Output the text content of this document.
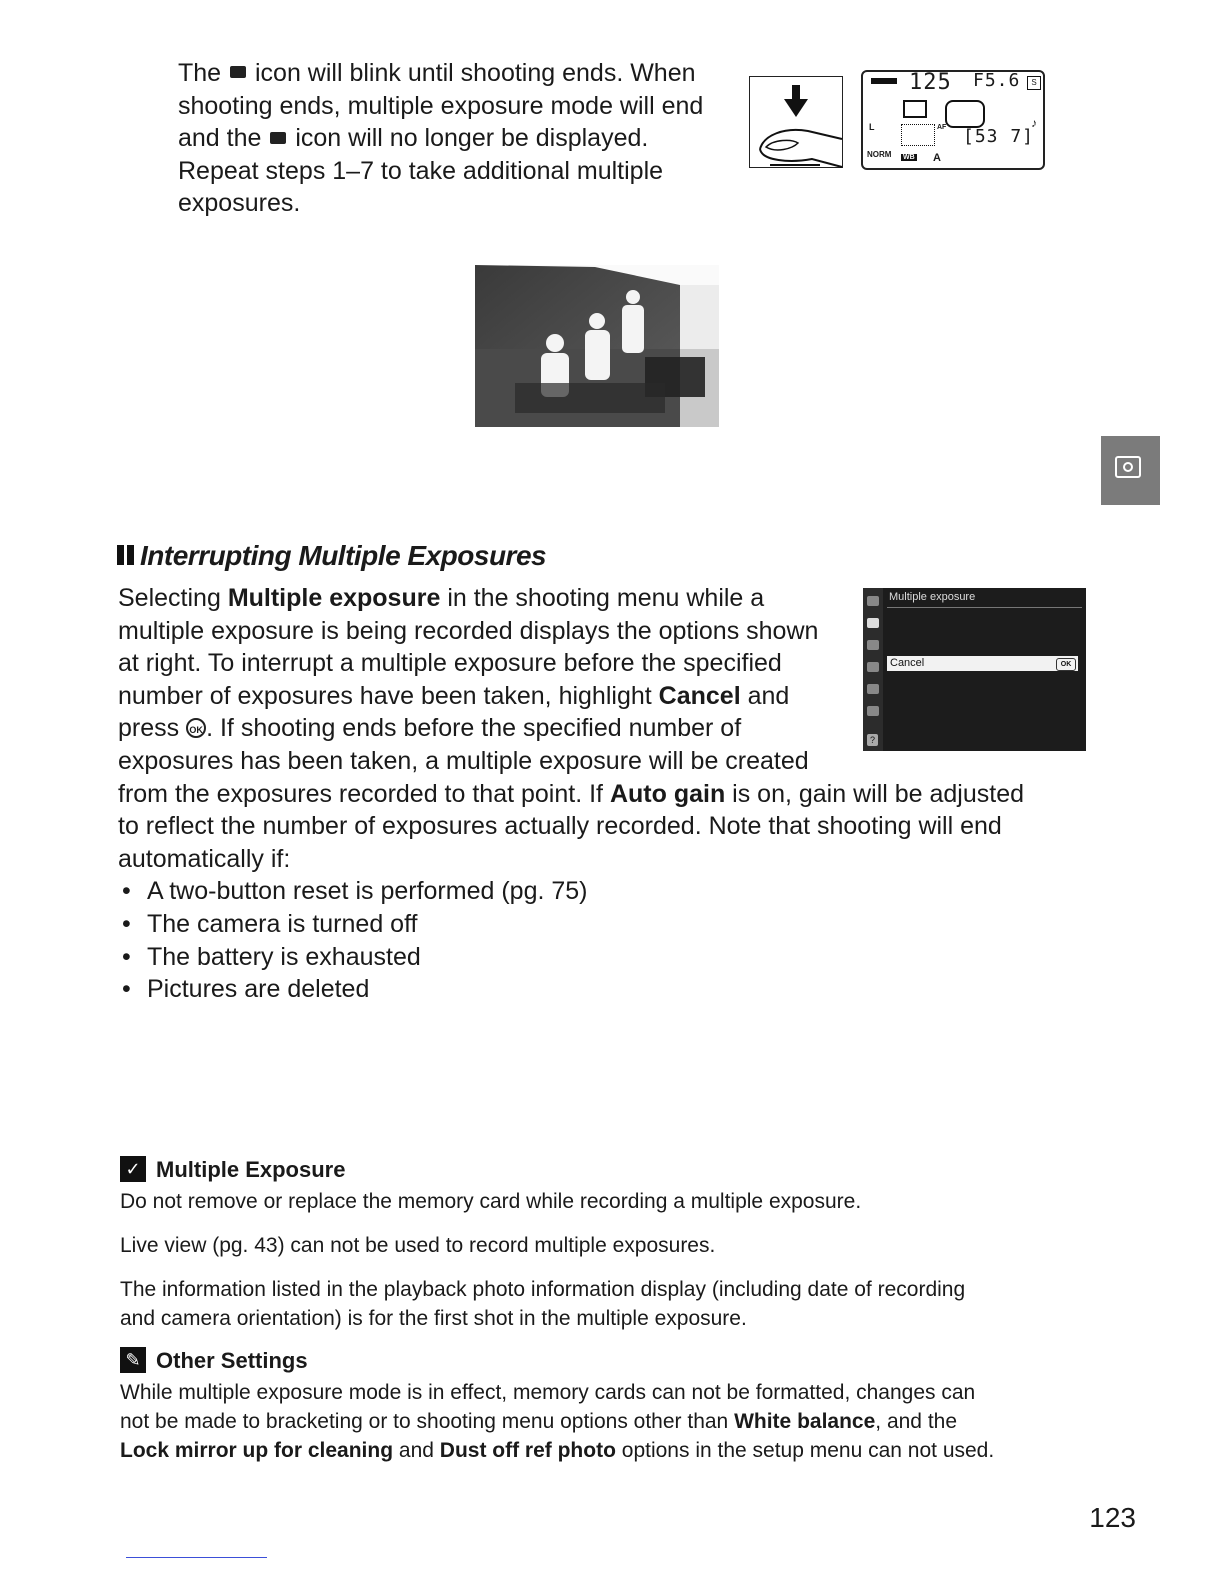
The icon will blink until shooting ends. When
shooting ends, multiple exposure mode will end
and the icon will no longer be displayed.
Repeat steps 1–7 to take additional multiple
exposures.
125 F5.6	S
L	AF	♪
[53 7]
NORM WB A
Interrupting Multiple Exposures
Selecting Multiple exposure in the shooting menu while a
multiple exposure is being recorded displays the options shown
at right. To interrupt a multiple exposure before the specified
number of exposures have been taken, highlight Cancel and
press OK . If shooting ends before the specified number of
exposures has been taken, a multiple exposure will be created
from the exposures recorded to that point. If Auto gain is on, gain will be adjusted
to reflect the number of exposures actually recorded. Note that shooting will end
automatically if:
• A two-button reset is performed (pg. 75)
• The camera is turned off
• The battery is exhausted
• Pictures are deleted
?
Multiple exposure
Cancel	OK
✓ Multiple Exposure
Do not remove or replace the memory card while recording a multiple exposure.
Live view (pg. 43) can not be used to record multiple exposures.
The information listed in the playback photo information display (including date of recording
and camera orientation) is for the first shot in the multiple exposure.
✎ Other Settings
While multiple exposure mode is in effect, memory cards can not be formatted, changes can
not be made to bracketing or to shooting menu options other than White balance, and the
Lock mirror up for cleaning and Dust off ref photo options in the setup menu can not used.
123
